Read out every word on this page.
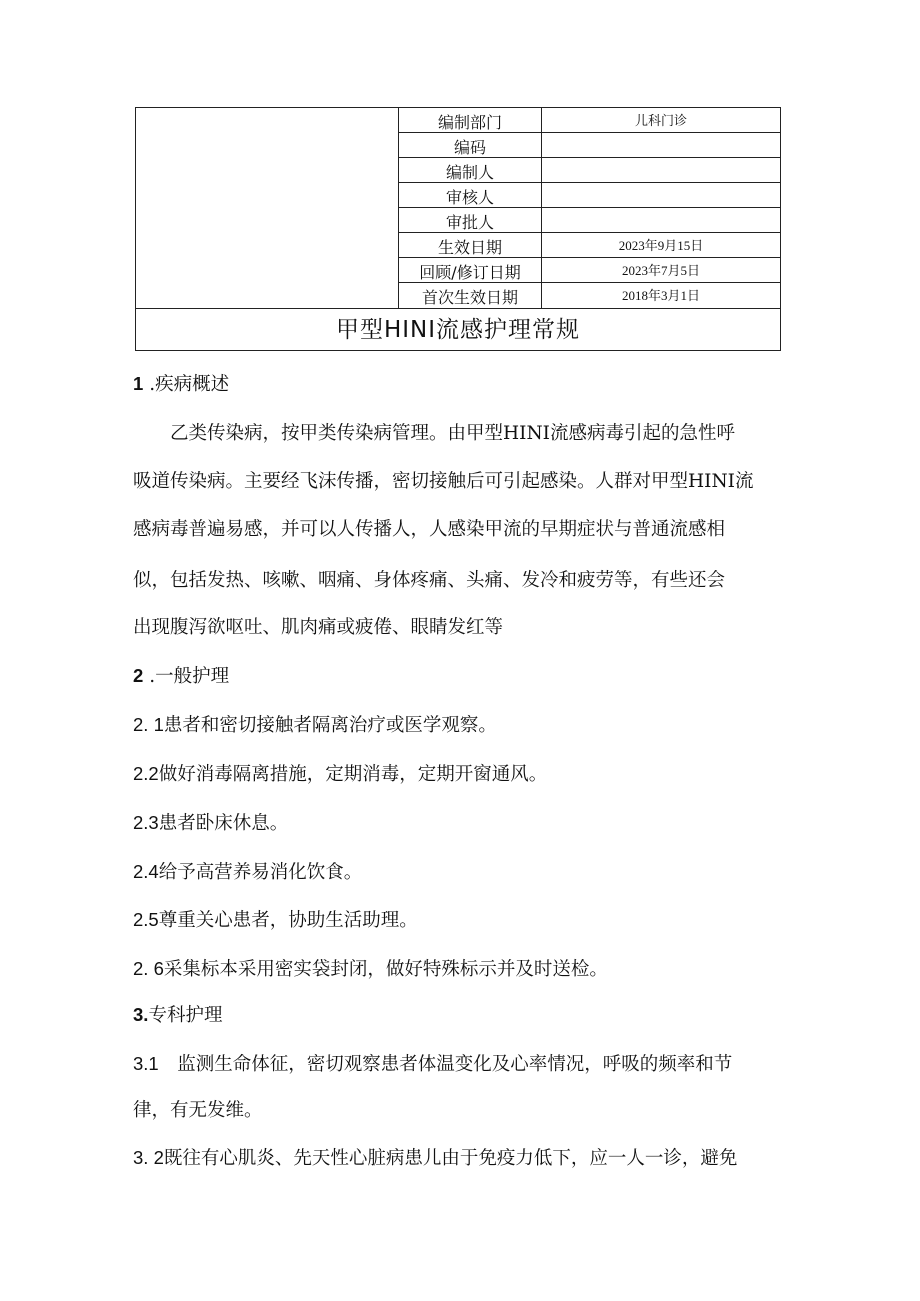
编制部门	儿科门诊
编码
编制人
审核人
审批人
生效日期	2023年9月15日
回顾/修订日期	2023年7月5日
首次生效日期	2018年3月1日
甲型HINI流感护理常规
1 .疾病概述
　　乙类传染病，按甲类传染病管理。由甲型HINI流感病毒引起的急性呼
吸道传染病。主要经飞沫传播，密切接触后可引起感染。人群对甲型HINI流
感病毒普遍易感，并可以人传播人，人感染甲流的早期症状与普通流感相
似，包括发热、咳嗽、咽痛、身体疼痛、头痛、发冷和疲劳等，有些还会
出现腹泻欲呕吐、肌肉痛或疲倦、眼睛发红等
2 .一般护理
2. 1患者和密切接触者隔离治疗或医学观察。
2.2做好消毒隔离措施，定期消毒，定期开窗通风。
2.3患者卧床休息。
2.4给予高营养易消化饮食。
2.5尊重关心患者，协助生活助理。
2. 6采集标本采用密实袋封闭，做好特殊标示并及时送检。
3.专科护理
3.1　 监测生命体征，密切观察患者体温变化及心率情况，呼吸的频率和节
律，有无发维。
3. 2既往有心肌炎、先天性心脏病患儿由于免疫力低下，应一人一诊，避免
